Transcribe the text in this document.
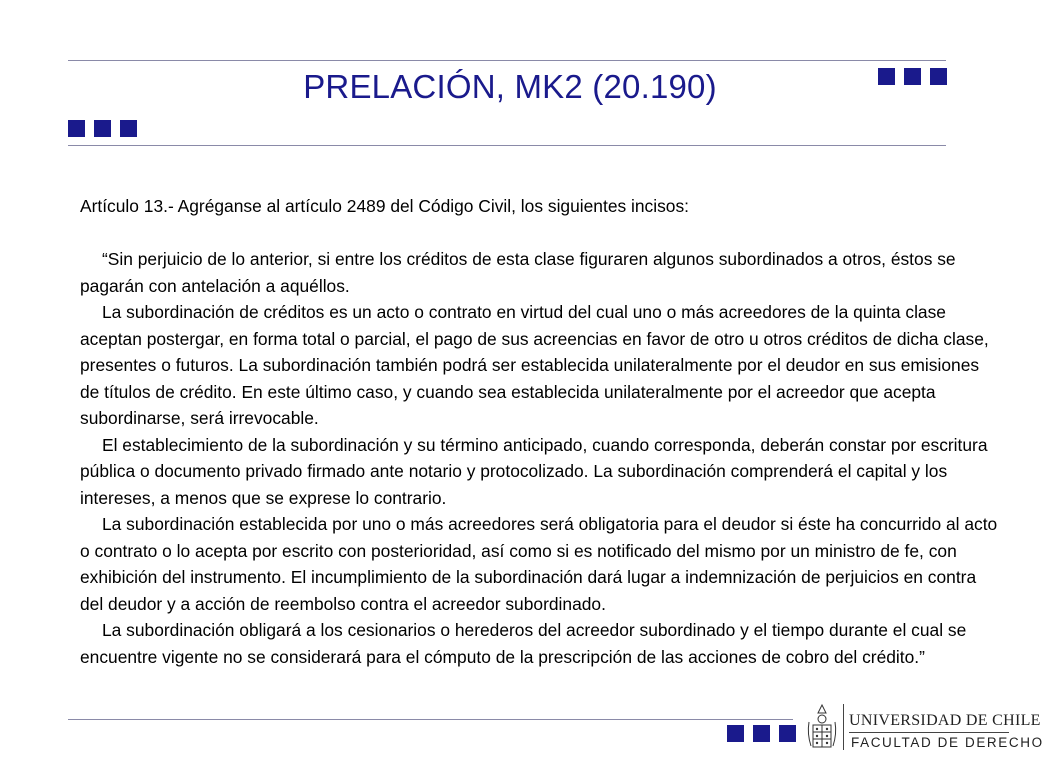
PRELACIÓN, MK2 (20.190)

Artículo 13.- Agréganse al artículo 2489 del Código Civil, los siguientes incisos:

“Sin perjuicio de lo anterior, si entre los créditos de esta clase figuraren algunos subordinados a otros, éstos se pagarán con antelación a aquéllos.

La subordinación de créditos es un acto o contrato en virtud del cual uno o más acreedores de la quinta clase aceptan postergar, en forma total o parcial, el pago de sus acreencias en favor de otro u otros créditos de dicha clase, presentes o futuros. La subordinación también podrá ser establecida unilateralmente por el deudor en sus emisiones de títulos de crédito. En este último caso, y cuando sea establecida unilateralmente por el acreedor que acepta subordinarse, será irrevocable.

El establecimiento de la subordinación y su término anticipado, cuando corresponda, deberán constar por escritura pública o documento privado firmado ante notario y protocolizado. La subordinación comprenderá el capital y los intereses, a menos que se exprese lo contrario.

La subordinación establecida por uno o más acreedores será obligatoria para el deudor si éste ha concurrido al acto o contrato o lo acepta por escrito con posterioridad, así como si es notificado del mismo por un ministro de fe, con exhibición del instrumento. El incumplimiento de la subordinación dará lugar a indemnización de perjuicios en contra del deudor y a acción de reembolso contra el acreedor subordinado.

La subordinación obligará a los cesionarios o herederos del acreedor subordinado y el tiempo durante el cual se encuentre vigente no se considerará para el cómputo de la prescripción de las acciones de cobro del crédito.”

UNIVERSIDAD DE CHILE
FACULTAD DE DERECHO
